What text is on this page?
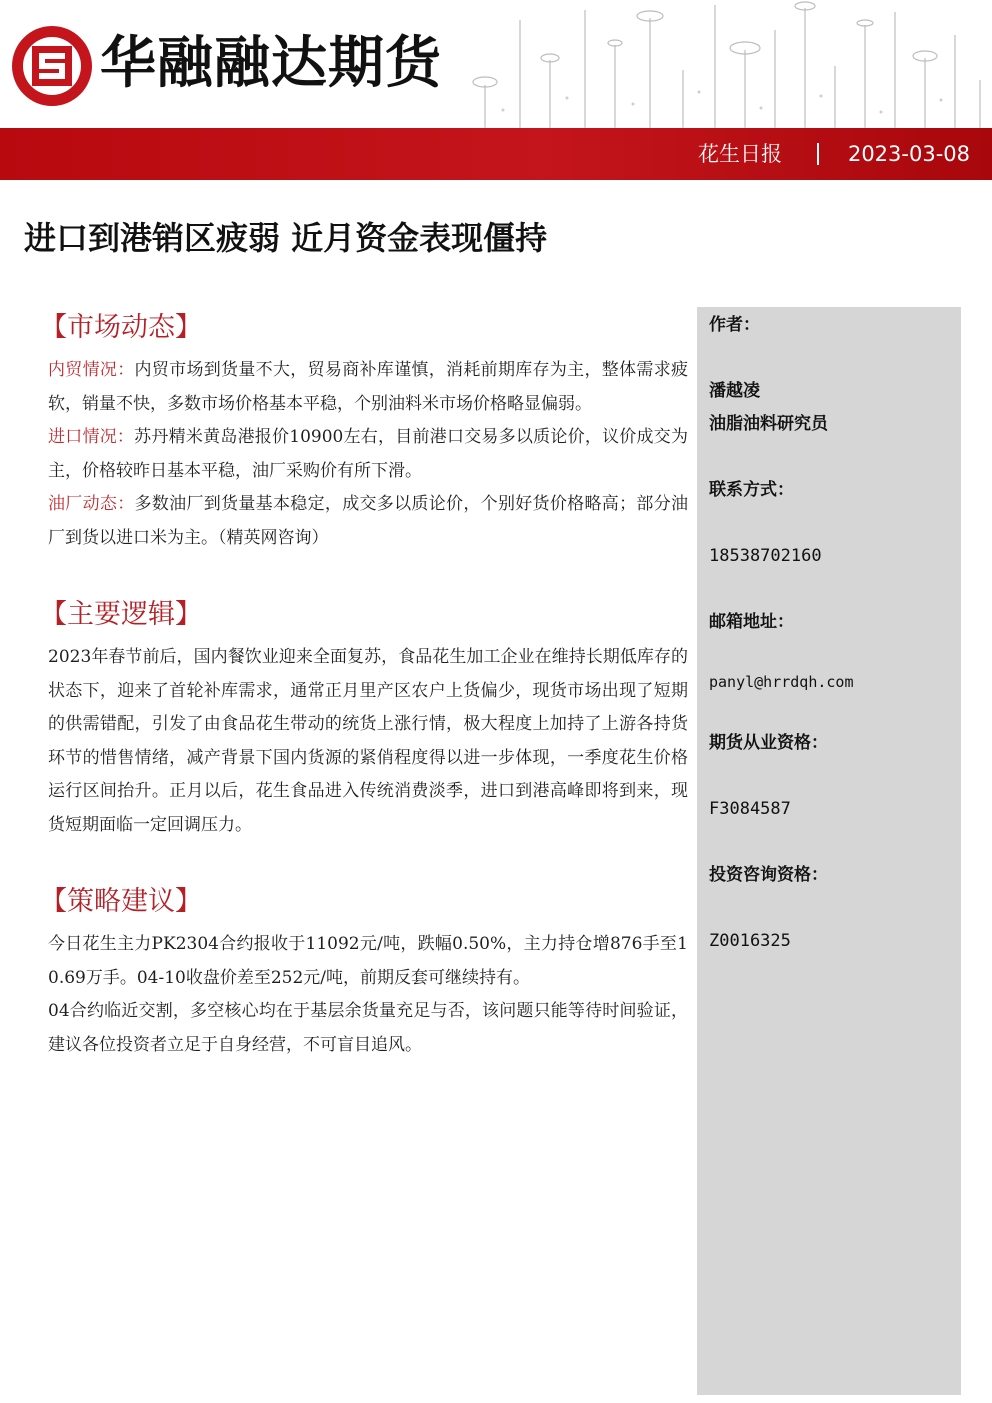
华融融达期货
花生日报	2023-03-08
进口到港销区疲弱 近月资金表现僵持
【市场动态】

内贸情况：内贸市场到货量不大，贸易商补库谨慎，消耗前期库存为主，整体需求疲软，销量不快，多数市场价格基本平稳，个别油料米市场价格略显偏弱。

进口情况：苏丹精米黄岛港报价10900左右，目前港口交易多以质论价，议价成交为主，价格较昨日基本平稳，油厂采购价有所下滑。

油厂动态：多数油厂到货量基本稳定，成交多以质论价，个别好货价格略高；部分油厂到货以进口米为主。（精英网咨询）

【主要逻辑】

2023年春节前后，国内餐饮业迎来全面复苏，食品花生加工企业在维持长期低库存的状态下，迎来了首轮补库需求，通常正月里产区农户上货偏少，现货市场出现了短期的供需错配，引发了由食品花生带动的统货上涨行情，极大程度上加持了上游各持货环节的惜售情绪，减产背景下国内货源的紧俏程度得以进一步体现，一季度花生价格运行区间抬升。正月以后，花生食品进入传统消费淡季，进口到港高峰即将到来，现货短期面临一定回调压力。

【策略建议】

今日花生主力PK2304合约报收于11092元/吨，跌幅0.50%，主力持仓增876手至10.69万手。04-10收盘价差至252元/吨，前期反套可继续持有。

04合约临近交割，多空核心均在于基层余货量充足与否，该问题只能等待时间验证，建议各位投资者立足于自身经营，不可盲目追风。

作者：
潘越凌
油脂油料研究员
联系方式：
18538702160
邮箱地址：
panyl@hrrdqh.com
期货从业资格：
F3084587
投资咨询资格：
Z0016325
